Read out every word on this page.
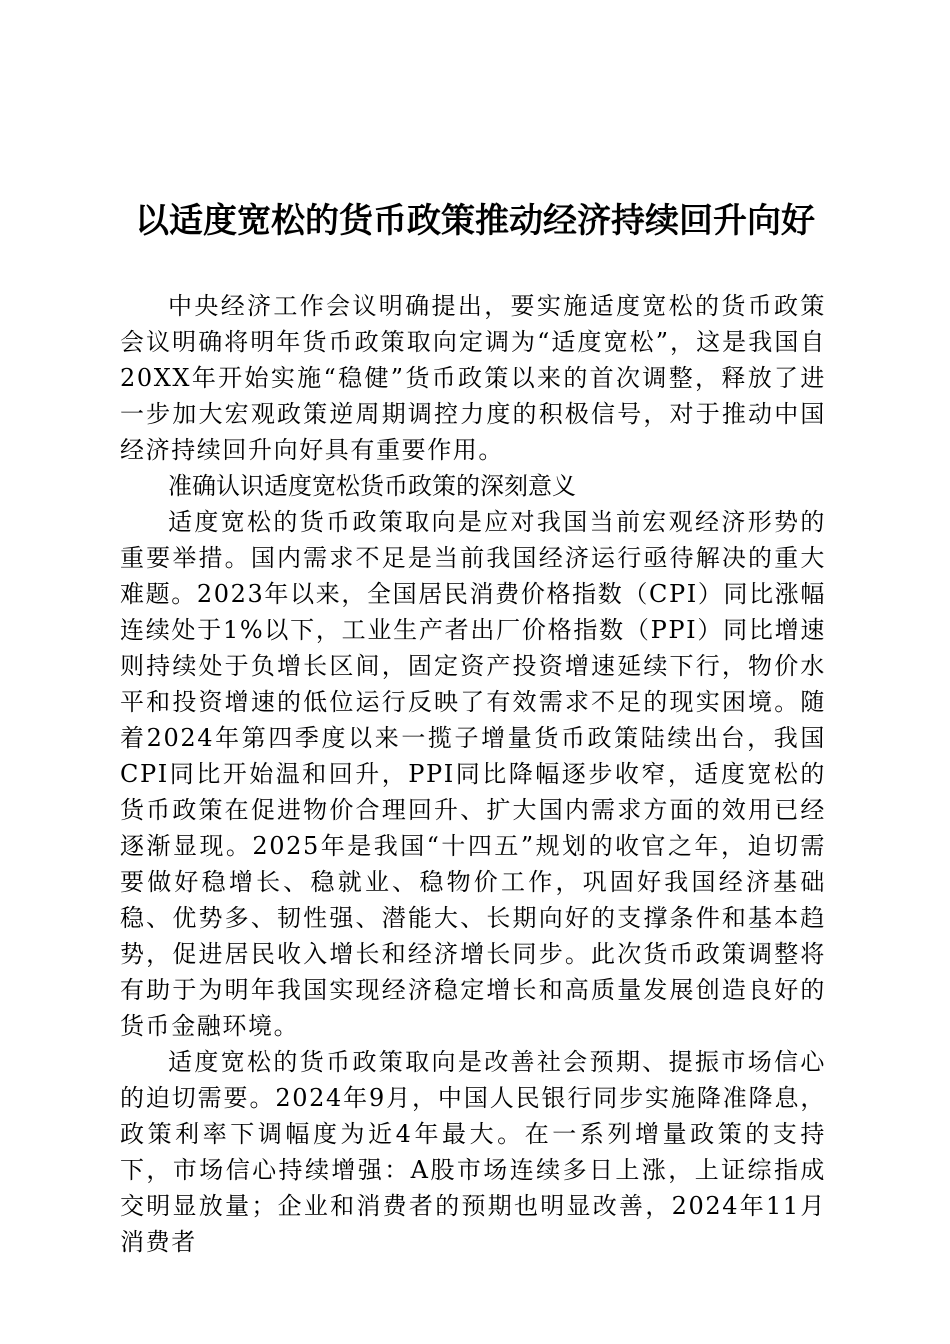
以适度宽松的货币政策推动经济持续回升向好

中央经济工作会议明确提出，要实施适度宽松的货币政策会议明确将明年货币政策取向定调为“适度宽松”，这是我国自20XX年开始实施“稳健”货币政策以来的首次调整，释放了进一步加大宏观政策逆周期调控力度的积极信号，对于推动中国经济持续回升向好具有重要作用。

准确认识适度宽松货币政策的深刻意义

适度宽松的货币政策取向是应对我国当前宏观经济形势的重要举措。国内需求不足是当前我国经济运行亟待解决的重大难题。2023年以来，全国居民消费价格指数（CPI）同比涨幅连续处于1%以下，工业生产者出厂价格指数（PPI）同比增速则持续处于负增长区间，固定资产投资增速延续下行，物价水平和投资增速的低位运行反映了有效需求不足的现实困境。随着2024年第四季度以来一揽子增量货币政策陆续出台，我国CPI同比开始温和回升，PPI同比降幅逐步收窄，适度宽松的货币政策在促进物价合理回升、扩大国内需求方面的效用已经逐渐显现。2025年是我国“十四五”规划的收官之年，迫切需要做好稳增长、稳就业、稳物价工作，巩固好我国经济基础稳、优势多、韧性强、潜能大、长期向好的支撑条件和基本趋势，促进居民收入增长和经济增长同步。此次货币政策调整将有助于为明年我国实现经济稳定增长和高质量发展创造良好的货币金融环境。

适度宽松的货币政策取向是改善社会预期、提振市场信心的迫切需要。2024年9月，中国人民银行同步实施降准降息，政策利率下调幅度为近4年最大。在一系列增量政策的支持下，市场信心持续增强：A股市场连续多日上涨，上证综指成交明显放量；企业和消费者的预期也明显改善，2024年11月消费者
